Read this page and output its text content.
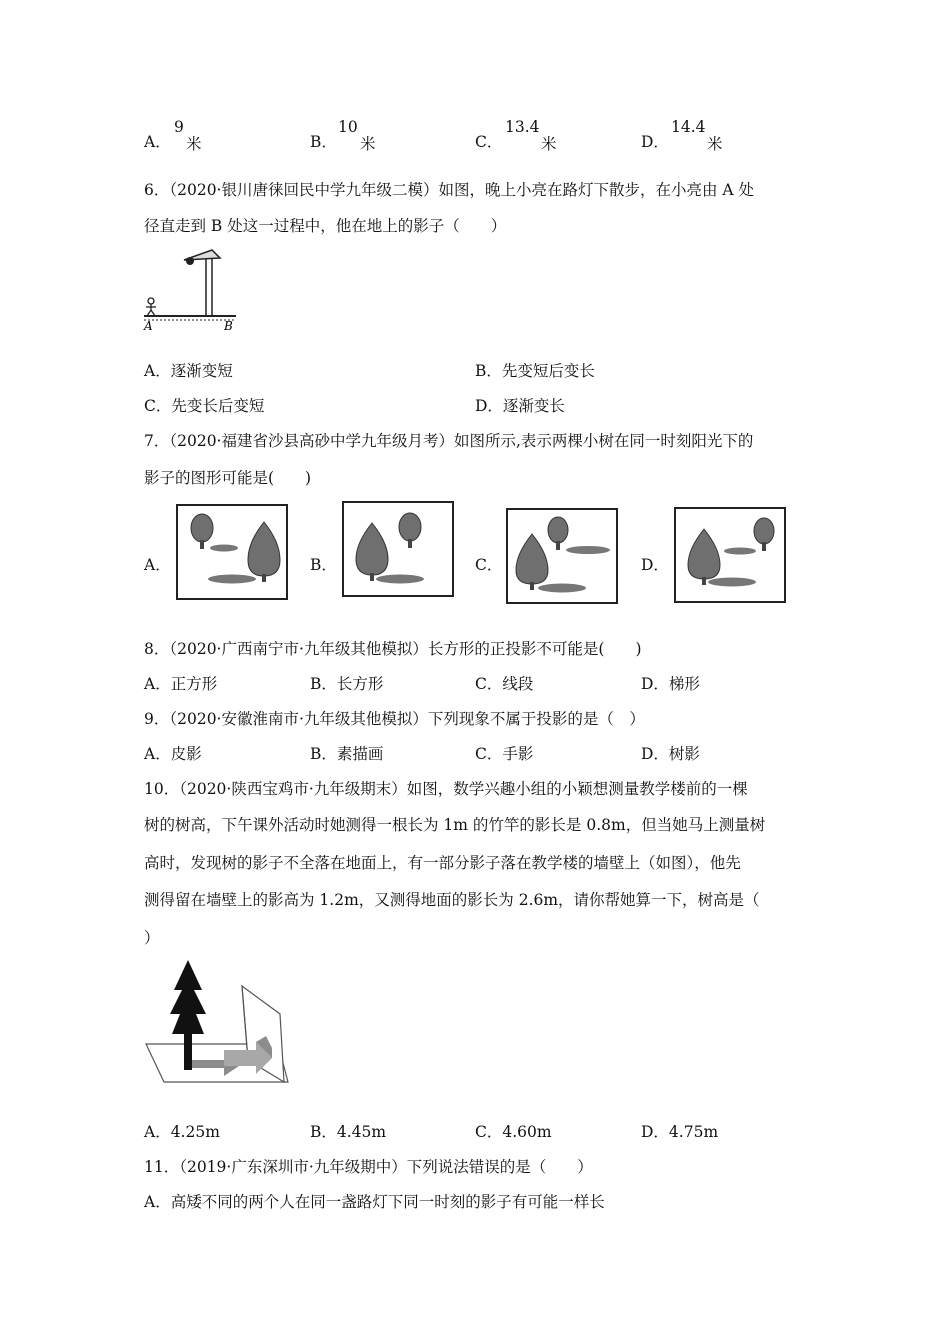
A．
9
米	B．
10
米	C．
13.4
米	D．
14.4
米
6．（2020·银川唐徕回民中学九年级二模）如图，晚上小亮在路灯下散步，在小亮由 A 处
径直走到 B 处这一过程中，他在地上的影子（　　）
A	B
A．逐渐变短	B．先变短后变长
C．先变长后变短	D．逐渐变长
7．（2020·福建省沙县高砂中学九年级月考）如图所示,表示两棵小树在同一时刻阳光下的
影子的图形可能是(　　)
A．	B．	C．	D．
8．（2020·广西南宁市·九年级其他模拟）长方形的正投影不可能是(　　)
A．正方形	B．长方形	C．线段	D．梯形
9．（2020·安徽淮南市·九年级其他模拟）下列现象不属于投影的是（　）
A．皮影	B．素描画	C．手影	D．树影
10．（2020·陕西宝鸡市·九年级期末）如图，数学兴趣小组的小颖想测量教学楼前的一棵
树的树高，下午课外活动时她测得一根长为 1m 的竹竿的影长是 0.8m，但当她马上测量树
高时，发现树的影子不全落在地面上，有一部分影子落在教学楼的墙壁上（如图），他先
测得留在墙壁上的影高为 1.2m，又测得地面的影长为 2.6m，请你帮她算一下，树高是（
）
A．4.25m	B．4.45m	C．4.60m	D．4.75m
11．（2019·广东深圳市·九年级期中）下列说法错误的是（　　）
A．高矮不同的两个人在同一盏路灯下同一时刻的影子有可能一样长
